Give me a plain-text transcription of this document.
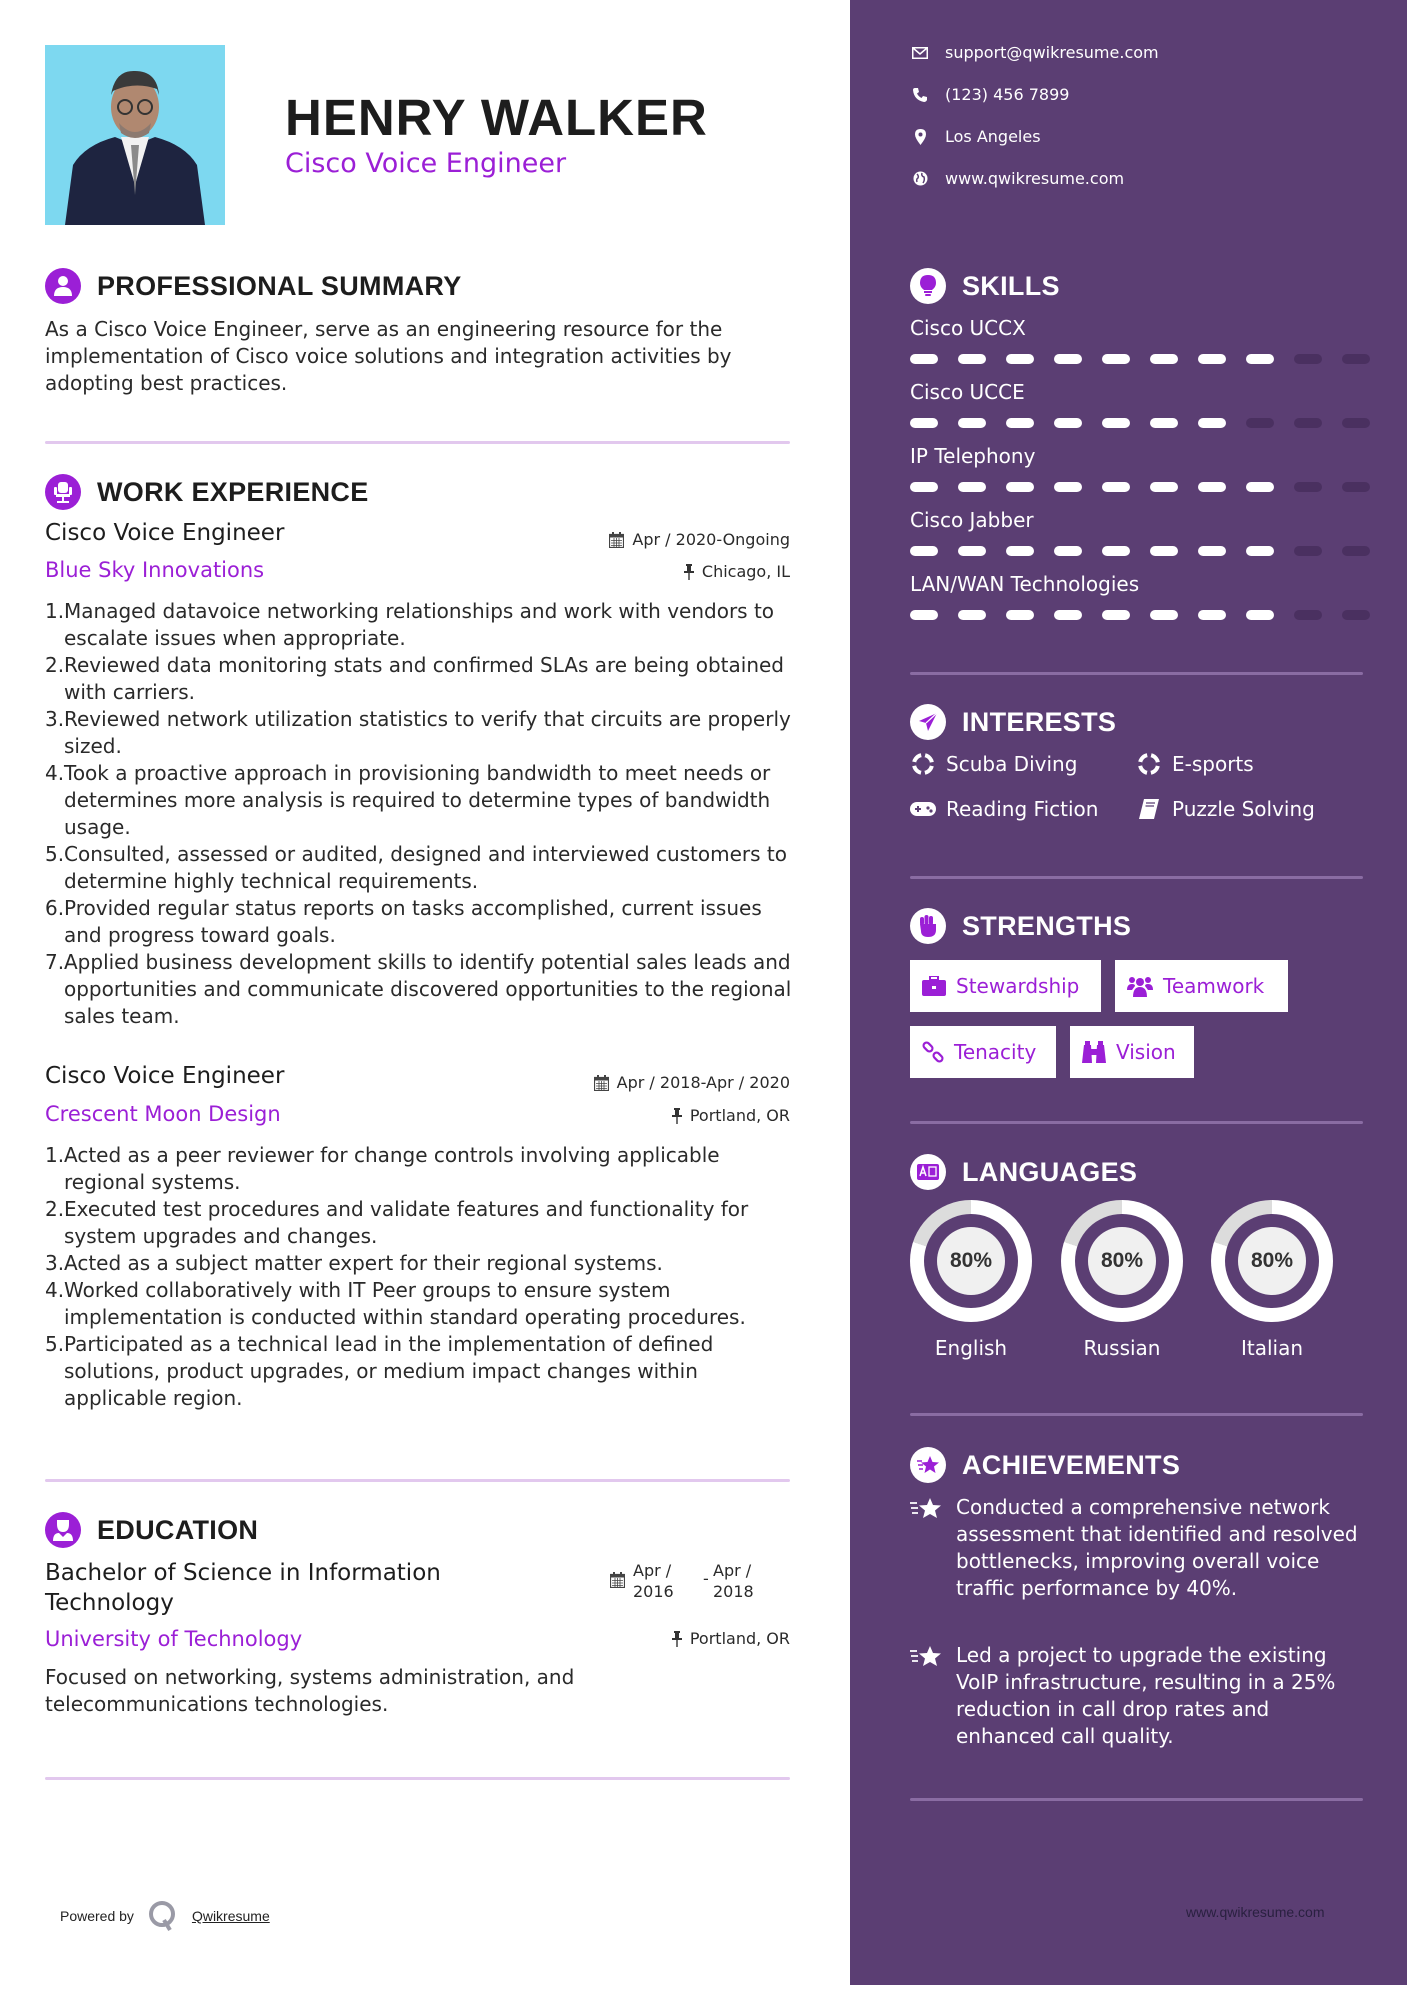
HENRY WALKER
Cisco Voice Engineer
PROFESSIONAL SUMMARY
As a Cisco Voice Engineer, serve as an engineering resource for the implementation of Cisco voice solutions and integration activities by adopting best practices.
WORK EXPERIENCE
Cisco Voice Engineer	Apr / 2020-Ongoing
Blue Sky Innovations	Chicago, IL
1. Managed datavoice networking relationships and work with vendors to escalate issues when appropriate.
2. Reviewed data monitoring stats and confirmed SLAs are being obtained with carriers.
3. Reviewed network utilization statistics to verify that circuits are properly sized.
4. Took a proactive approach in provisioning bandwidth to meet needs or determines more analysis is required to determine types of bandwidth usage.
5. Consulted, assessed or audited, designed and interviewed customers to determine highly technical requirements.
6. Provided regular status reports on tasks accomplished, current issues and progress toward goals.
7. Applied business development skills to identify potential sales leads and opportunities and communicate discovered opportunities to the regional sales team.
Cisco Voice Engineer	Apr / 2018-Apr / 2020
Crescent Moon Design	Portland, OR
1. Acted as a peer reviewer for change controls involving applicable regional systems.
2. Executed test procedures and validate features and functionality for system upgrades and changes.
3. Acted as a subject matter expert for their regional systems.
4. Worked collaboratively with IT Peer groups to ensure system implementation is conducted within standard operating procedures.
5. Participated as a technical lead in the implementation of defined solutions, product upgrades, or medium impact changes within applicable region.
EDUCATION
Bachelor of Science in Information Technology
Apr /
2016
- Apr /
2018
University of Technology	Portland, OR
Focused on networking, systems administration, and telecommunications technologies.
Powered by	Qwikresume
support@qwikresume.com
(123) 456 7899
Los Angeles
www.qwikresume.com
SKILLS
Cisco UCCX
Cisco UCCE
IP Telephony
Cisco Jabber
LAN/WAN Technologies
INTERESTS
Scuba Diving	E-sports
Reading Fiction	Puzzle Solving
STRENGTHS
Stewardship	Teamwork
Tenacity	Vision
LANGUAGES
80%
English
80%
Russian
80%
Italian
ACHIEVEMENTS
Conducted a comprehensive network assessment that identified and resolved bottlenecks, improving overall voice traffic performance by 40%.
Led a project to upgrade the existing VoIP infrastructure, resulting in a 25% reduction in call drop rates and enhanced call quality.
www.qwikresume.com
